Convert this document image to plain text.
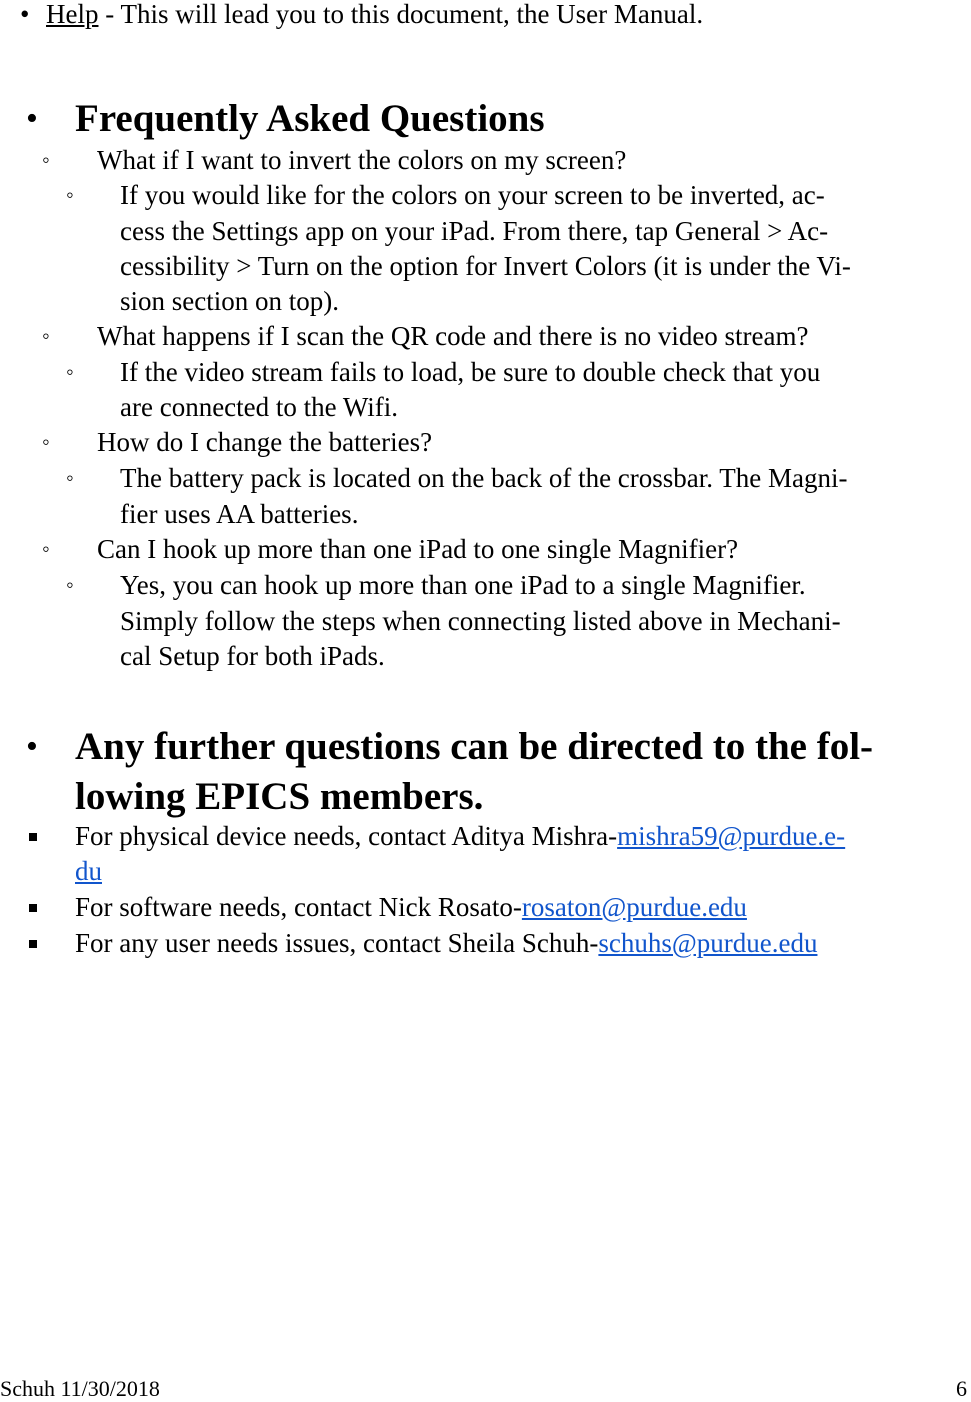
• Help - This will lead you to this document, the User Manual.
• Frequently Asked Questions
◦ What if I want to invert the colors on my screen?
◦ If you would like for the colors on your screen to be inverted, ac-
cess the Settings app on your iPad. From there, tap General > Ac-
cessibility > Turn on the option for Invert Colors (it is under the Vi-
sion section on top).
◦ What happens if I scan the QR code and there is no video stream?
◦ If the video stream fails to load, be sure to double check that you
are connected to the Wifi.
◦ How do I change the batteries?
◦ The battery pack is located on the back of the crossbar. The Magni-
fier uses AA batteries.
◦ Can I hook up more than one iPad to one single Magnifier?
◦ Yes, you can hook up more than one iPad to a single Magnifier.
Simply follow the steps when connecting listed above in Mechani-
cal Setup for both iPads.
• Any further questions can be directed to the fol-
lowing EPICS members.
For physical device needs, contact Aditya Mishra-mishra59@purdue.e-
du
For software needs, contact Nick Rosato-rosaton@purdue.edu
For any user needs issues, contact Sheila Schuh-schuhs@purdue.edu
Schuh 11/30/2018	6
